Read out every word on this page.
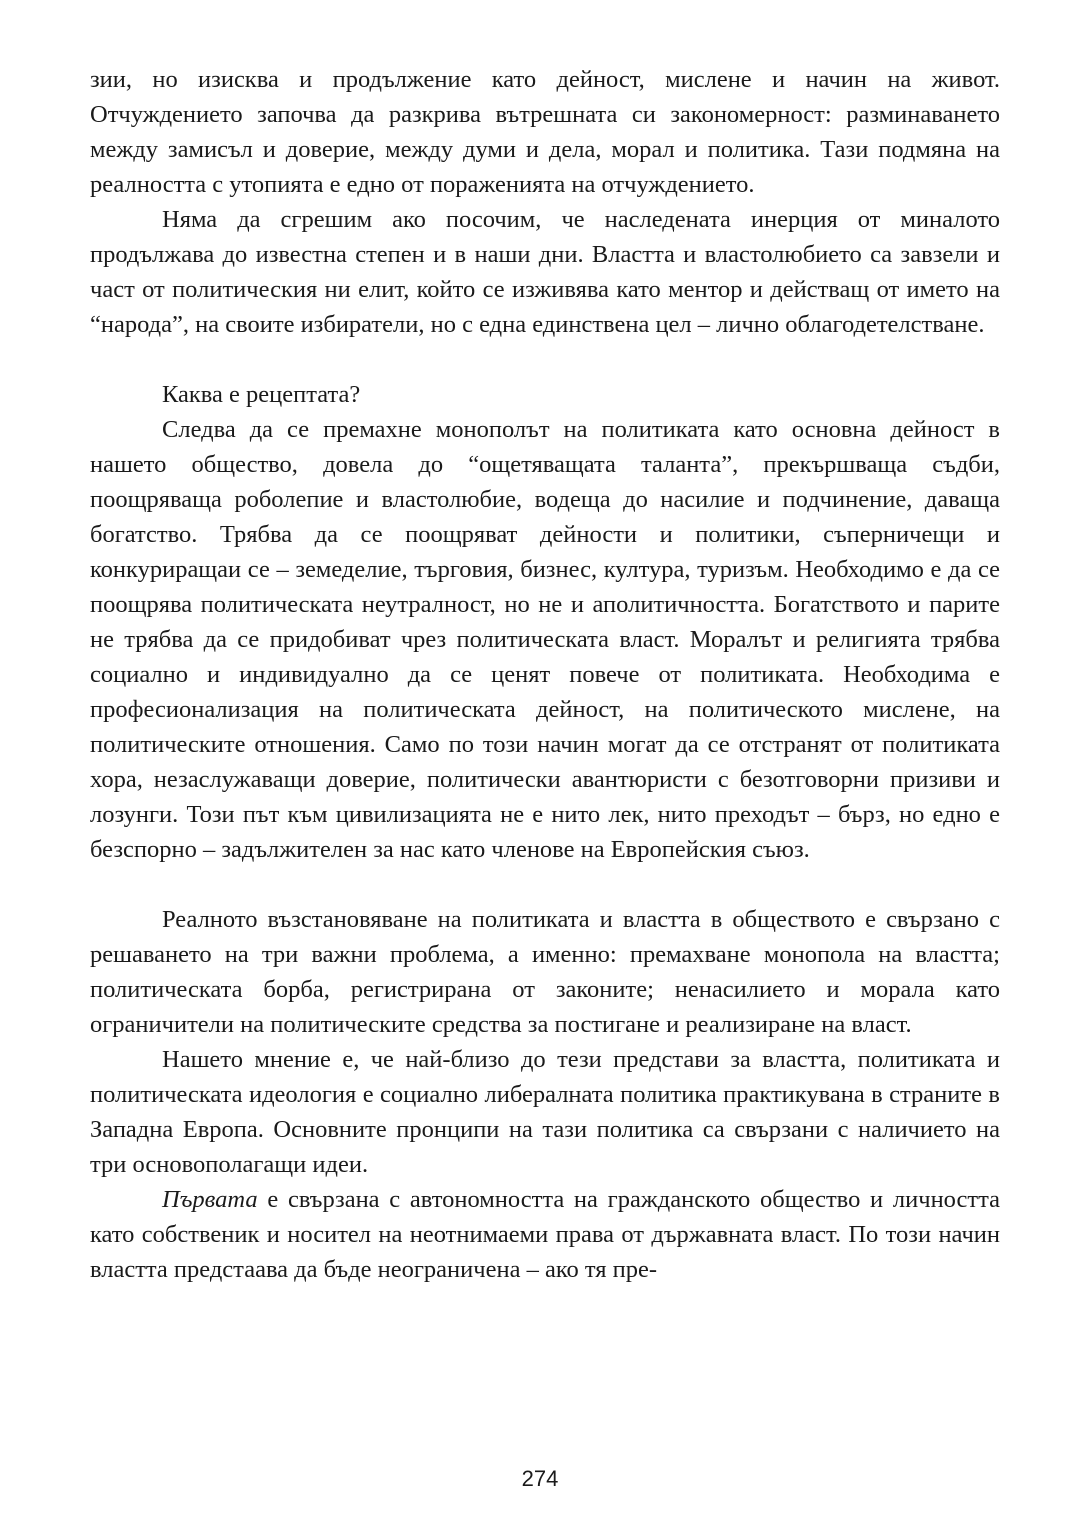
зии, но изисква и продължение като дейност, мислене и начин на живот. Отчуждението започва да разкрива вътрешната си закономерност: разминаването между замисъл и доверие, между думи и дела, морал и политика. Тази подмяна на реалността с утопията е едно от пораженията на отчуждението.

Няма да сгрешим ако посочим, че наследената инерция от миналото продължава до известна степен и в наши дни. Властта и властолюбието са завзели и част от политическия ни елит, който се изживява като ментор и действащ от името на “народа”, на своите избиратели, но с една единствена цел – лично облагодетелстване.

Каква е рецептата?

Следва да се премахне монополът на политиката като основна дейност в нашето общество, довела до “ощетяващата таланта”, прекършваща съдби, поощряваща роболепие и властолюбие, водеща до насилие и подчинение, даваща богатство. Трябва да се поощряват дейности и политики, съперничещи и конкуриращаи се – земеделие, търговия, бизнес, култура, туризъм. Необходимо е да се поощрява политическата неутралност, но не и аполитичността. Богатството и парите не трябва да се придобиват чрез политическата власт. Моралът и религията трябва социално и индивидуално да се ценят повече от политиката. Необходима е професионализация на политическата дейност, на политическото мислене, на политическите отношения. Само по този начин могат да се отстранят от политиката хора, незаслужаващи доверие, политически авантюристи с безотговорни призиви и лозунги. Този път към цивилизацията не е нито лек, нито преходът – бърз, но едно е безспорно – задължителен за нас като членове на Европейския съюз.

Реалното възстановяване на политиката и властта в обществото е свързано с решаването на три важни проблема, а именно: премахване монопола на властта; политическата борба, регистрирана от законите; ненасилието и морала като ограничители на политическите средства за постигане и реализиране на власт.

Нашето мнение е, че най-близо до тези представи за властта, политиката и политическата идеология е социално либералната политика практикувана в страните в Западна Европа. Основните пронципи на тази политика са свързани с наличието на три основополагащи идеи.

Първата е свързана с автономността на гражданското общество и личността като собственик и носител на неотнимаеми права от държавната власт. По този начин властта предстаава да бъде неограничена – ако тя пре-

274
